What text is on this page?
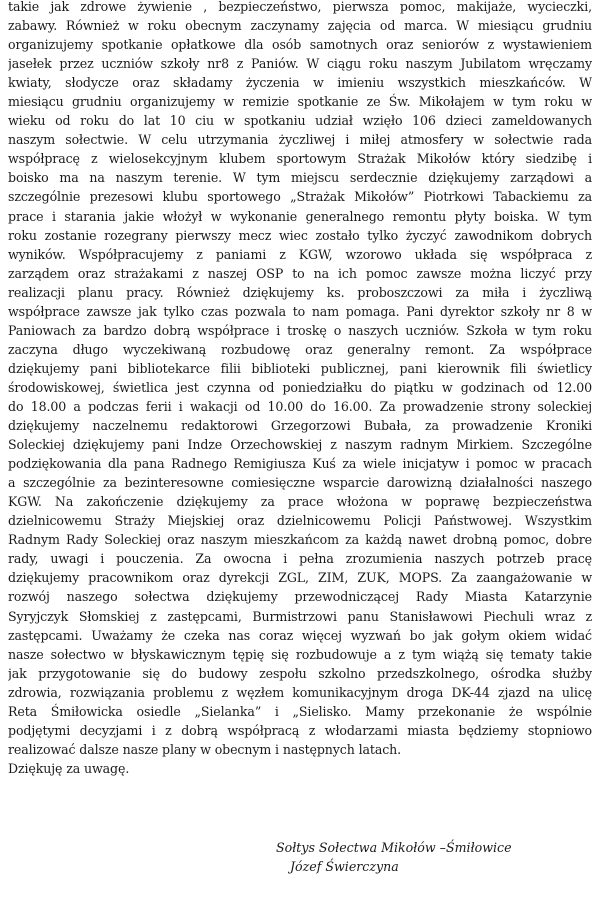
takie jak zdrowe żywienie , bezpieczeństwo, pierwsza pomoc, makijaże, wycieczki,
zabawy. Również w roku obecnym zaczynamy zajęcia od marca. W miesiącu grudniu
organizujemy spotkanie opłatkowe dla osób samotnych oraz seniorów z wystawieniem
jasełek przez uczniów szkoły nr8 z Paniów. W ciągu roku naszym Jubilatom wręczamy
kwiaty, słodycze oraz składamy życzenia w imieniu wszystkich mieszkańców. W
miesiącu grudniu organizujemy w remizie spotkanie ze Św. Mikołajem w tym roku w
wieku od roku do lat 10 ciu w spotkaniu udział wzięło 106 dzieci zameldowanych
naszym sołectwie. W celu utrzymania życzliwej i miłej atmosfery w sołectwie rada
współpracę z wielosekcyjnym klubem sportowym Strażak Mikołów który siedzibę i
boisko ma na naszym terenie. W tym miejscu serdecznie dziękujemy zarządowi a
szczególnie prezesowi klubu sportowego „Strażak Mikołów” Piotrkowi Tabackiemu za
prace i starania jakie włożył w wykonanie generalnego remontu płyty boiska. W tym
roku zostanie rozegrany pierwszy mecz wiec zostało tylko życzyć zawodnikom dobrych
wyników. Współpracujemy z paniami z KGW, wzorowo układa się współpraca z
zarządem oraz strażakami z naszej OSP to na ich pomoc zawsze można liczyć przy
realizacji planu pracy. Również dziękujemy ks. proboszczowi za miła i życzliwą
współprace zawsze jak tylko czas pozwala to nam pomaga. Pani dyrektor szkoły nr 8 w
Paniowach za bardzo dobrą współprace i troskę o naszych uczniów. Szkoła w tym roku
zaczyna długo wyczekiwaną rozbudowę oraz generalny remont. Za współprace
dziękujemy pani bibliotekarce filii biblioteki publicznej, pani kierownik fili świetlicy
środowiskowej, świetlica jest czynna od poniedziałku do piątku w godzinach od 12.00
do 18.00 a podczas ferii i wakacji od 10.00 do 16.00. Za prowadzenie strony soleckiej
dziękujemy naczelnemu redaktorowi Grzegorzowi Bubała, za prowadzenie Kroniki
Soleckiej dziękujemy pani Indze Orzechowskiej z naszym radnym Mirkiem. Szczególne
podziękowania dla pana Radnego Remigiusza Kuś za wiele inicjatyw i pomoc w pracach
a szczególnie za bezinteresowne comiesięczne wsparcie darowizną działalności naszego
KGW. Na zakończenie dziękujemy za prace włożona w poprawę bezpieczeństwa
dzielnicowemu Straży Miejskiej oraz dzielnicowemu Policji Państwowej. Wszystkim
Radnym Rady Soleckiej oraz naszym mieszkańcom za każdą nawet drobną pomoc, dobre
rady, uwagi i pouczenia. Za owocna i pełna zrozumienia naszych potrzeb pracę
dziękujemy pracownikom oraz dyrekcji ZGL, ZIM, ZUK, MOPS. Za zaangażowanie w
rozwój naszego sołectwa dziękujemy przewodniczącej Rady Miasta Katarzynie
Syryjczyk Słomskiej z zastępcami, Burmistrzowi panu Stanisławowi Piechuli wraz z
zastępcami. Uważamy że czeka nas coraz więcej wyzwań bo jak gołym okiem widać
nasze sołectwo w błyskawicznym tępię się rozbudowuje a z tym wiążą się tematy takie
jak przygotowanie się do budowy zespołu szkolno przedszkolnego, ośrodka służby
zdrowia, rozwiązania problemu z węzłem komunikacyjnym droga DK-44 zjazd na ulicę
Reta Śmiłowicka osiedle „Sielanka” i „Sielisko. Mamy przekonanie że wspólnie
podjętymi decyzjami i z dobrą współpracą z włodarzami miasta będziemy stopniowo
realizować dalsze nasze plany w obecnym i następnych latach.
Dziękuję za uwagę.
Sołtys Sołectwa Mikołów –Śmiłowice
Józef Świerczyna
